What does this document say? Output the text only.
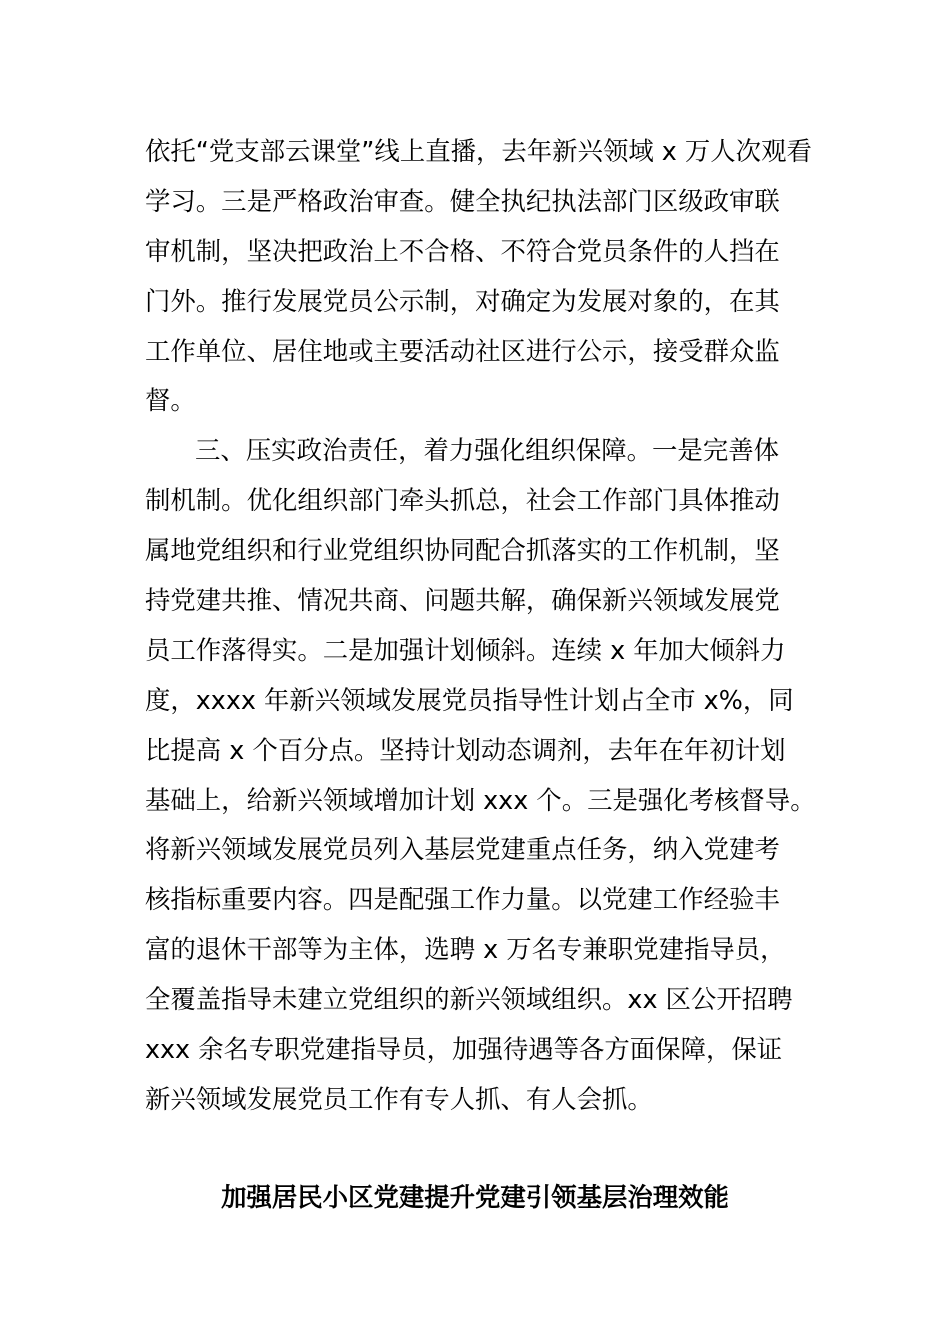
依托“党支部云课堂”线上直播，去年新兴领域 x 万人次观看
学习。三是严格政治审查。健全执纪执法部门区级政审联
审机制，坚决把政治上不合格、不符合党员条件的人挡在
门外。推行发展党员公示制，对确定为发展对象的，在其
工作单位、居住地或主要活动社区进行公示，接受群众监
督。
三、压实政治责任，着力强化组织保障。一是完善体
制机制。优化组织部门牵头抓总，社会工作部门具体推动
属地党组织和行业党组织协同配合抓落实的工作机制，坚
持党建共推、情况共商、问题共解，确保新兴领域发展党
员工作落得实。二是加强计划倾斜。连续 x 年加大倾斜力
度，xxxx 年新兴领域发展党员指导性计划占全市 x%，同
比提高 x 个百分点。坚持计划动态调剂，去年在年初计划
基础上，给新兴领域增加计划 xxx 个。三是强化考核督导。
将新兴领域发展党员列入基层党建重点任务，纳入党建考
核指标重要内容。四是配强工作力量。以党建工作经验丰
富的退休干部等为主体，选聘 x 万名专兼职党建指导员，
全覆盖指导未建立党组织的新兴领域组织。xx 区公开招聘
xxx 余名专职党建指导员，加强待遇等各方面保障，保证
新兴领域发展党员工作有专人抓、有人会抓。
加强居民小区党建提升党建引领基层治理效能
